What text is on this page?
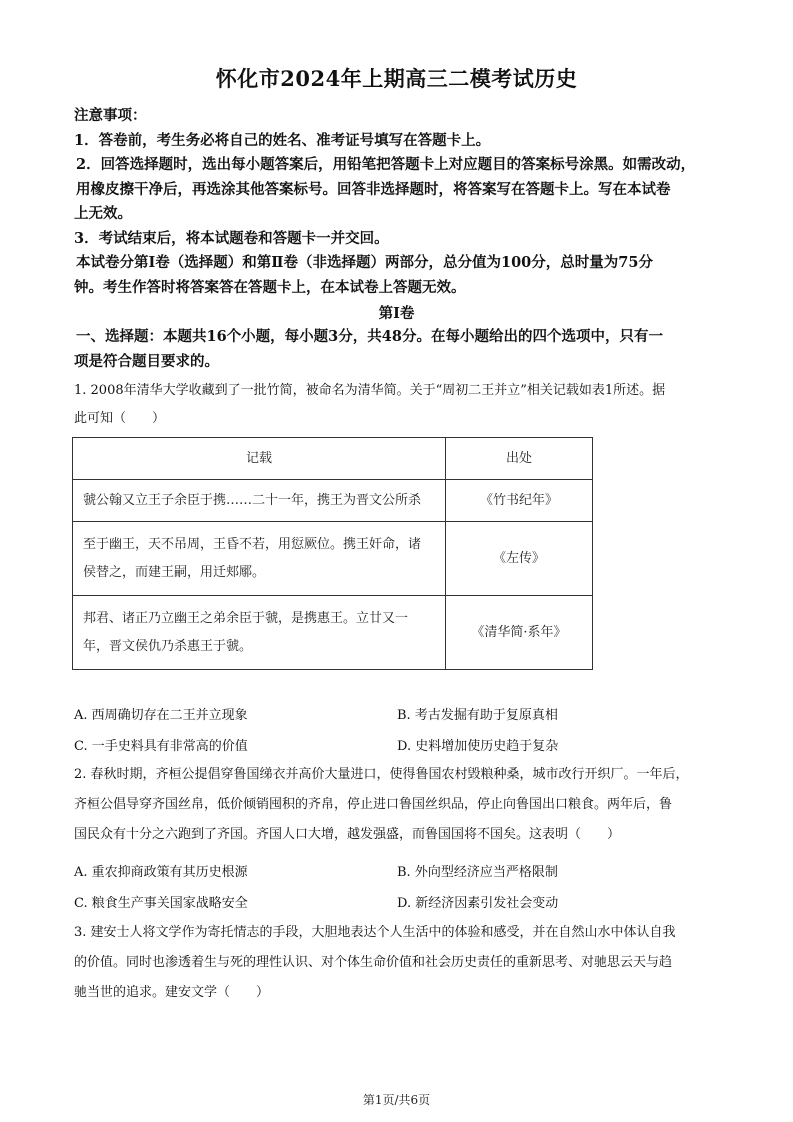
怀化市2024年上期高三二模考试历史

注意事项：

1．答卷前，考生务必将自己的姓名、准考证号填写在答题卡上。

2．回答选择题时，选出每小题答案后，用铅笔把答题卡上对应题目的答案标号涂黑。如需改动，

用橡皮擦干净后，再选涂其他答案标号。回答非选择题时，将答案写在答题卡上。写在本试卷

上无效。

3．考试结束后，将本试题卷和答题卡一并交回。

本试卷分第Ⅰ卷（选择题）和第Ⅱ卷（非选择题）两部分，总分值为100分，总时量为75分

钟。考生作答时将答案答在答题卡上，在本试卷上答题无效。

第Ⅰ卷

一、选择题：本题共16个小题，每小题3分，共48分。在每小题给出的四个选项中，只有一

项是符合题目要求的。

1. 2008年清华大学收藏到了一批竹简，被命名为清华简。关于“周初二王并立”相关记载如表1所述。据

此可知（　　）

记载	出处

虢公翰又立王子余臣于携……二十一年，携王为晋文公所杀	《竹书纪年》

至于幽王，天不吊周，王昏不若，用愆厥位。携王奸命，诸
侯替之，而建王嗣，用迁郏鄏。	《左传》

邦君、诸正乃立幽王之弟余臣于虢，是携惠王。立廿又一
年，晋文侯仇乃杀惠王于虢。	《清华简·系年》
A. 西周确切存在二王并立现象	B. 考古发掘有助于复原真相
C. 一手史料具有非常高的价值	D. 史料增加使历史趋于复杂

2. 春秋时期，齐桓公提倡穿鲁国绨衣并高价大量进口，使得鲁国农村毁粮种桑，城市改行开织厂。一年后，

齐桓公倡导穿齐国丝帛，低价倾销囤积的齐帛，停止进口鲁国丝织品，停止向鲁国出口粮食。两年后，鲁

国民众有十分之六跑到了齐国。齐国人口大增，越发强盛，而鲁国国将不国矣。这表明（　　）

A. 重农抑商政策有其历史根源	B. 外向型经济应当严格限制
C. 粮食生产事关国家战略安全	D. 新经济因素引发社会变动

3. 建安士人将文学作为寄托情志的手段，大胆地表达个人生活中的体验和感受，并在自然山水中体认自我

的价值。同时也渗透着生与死的理性认识、对个体生命价值和社会历史责任的重新思考、对驰思云天与趋

驰当世的追求。建安文学（　　）

第1页/共6页
